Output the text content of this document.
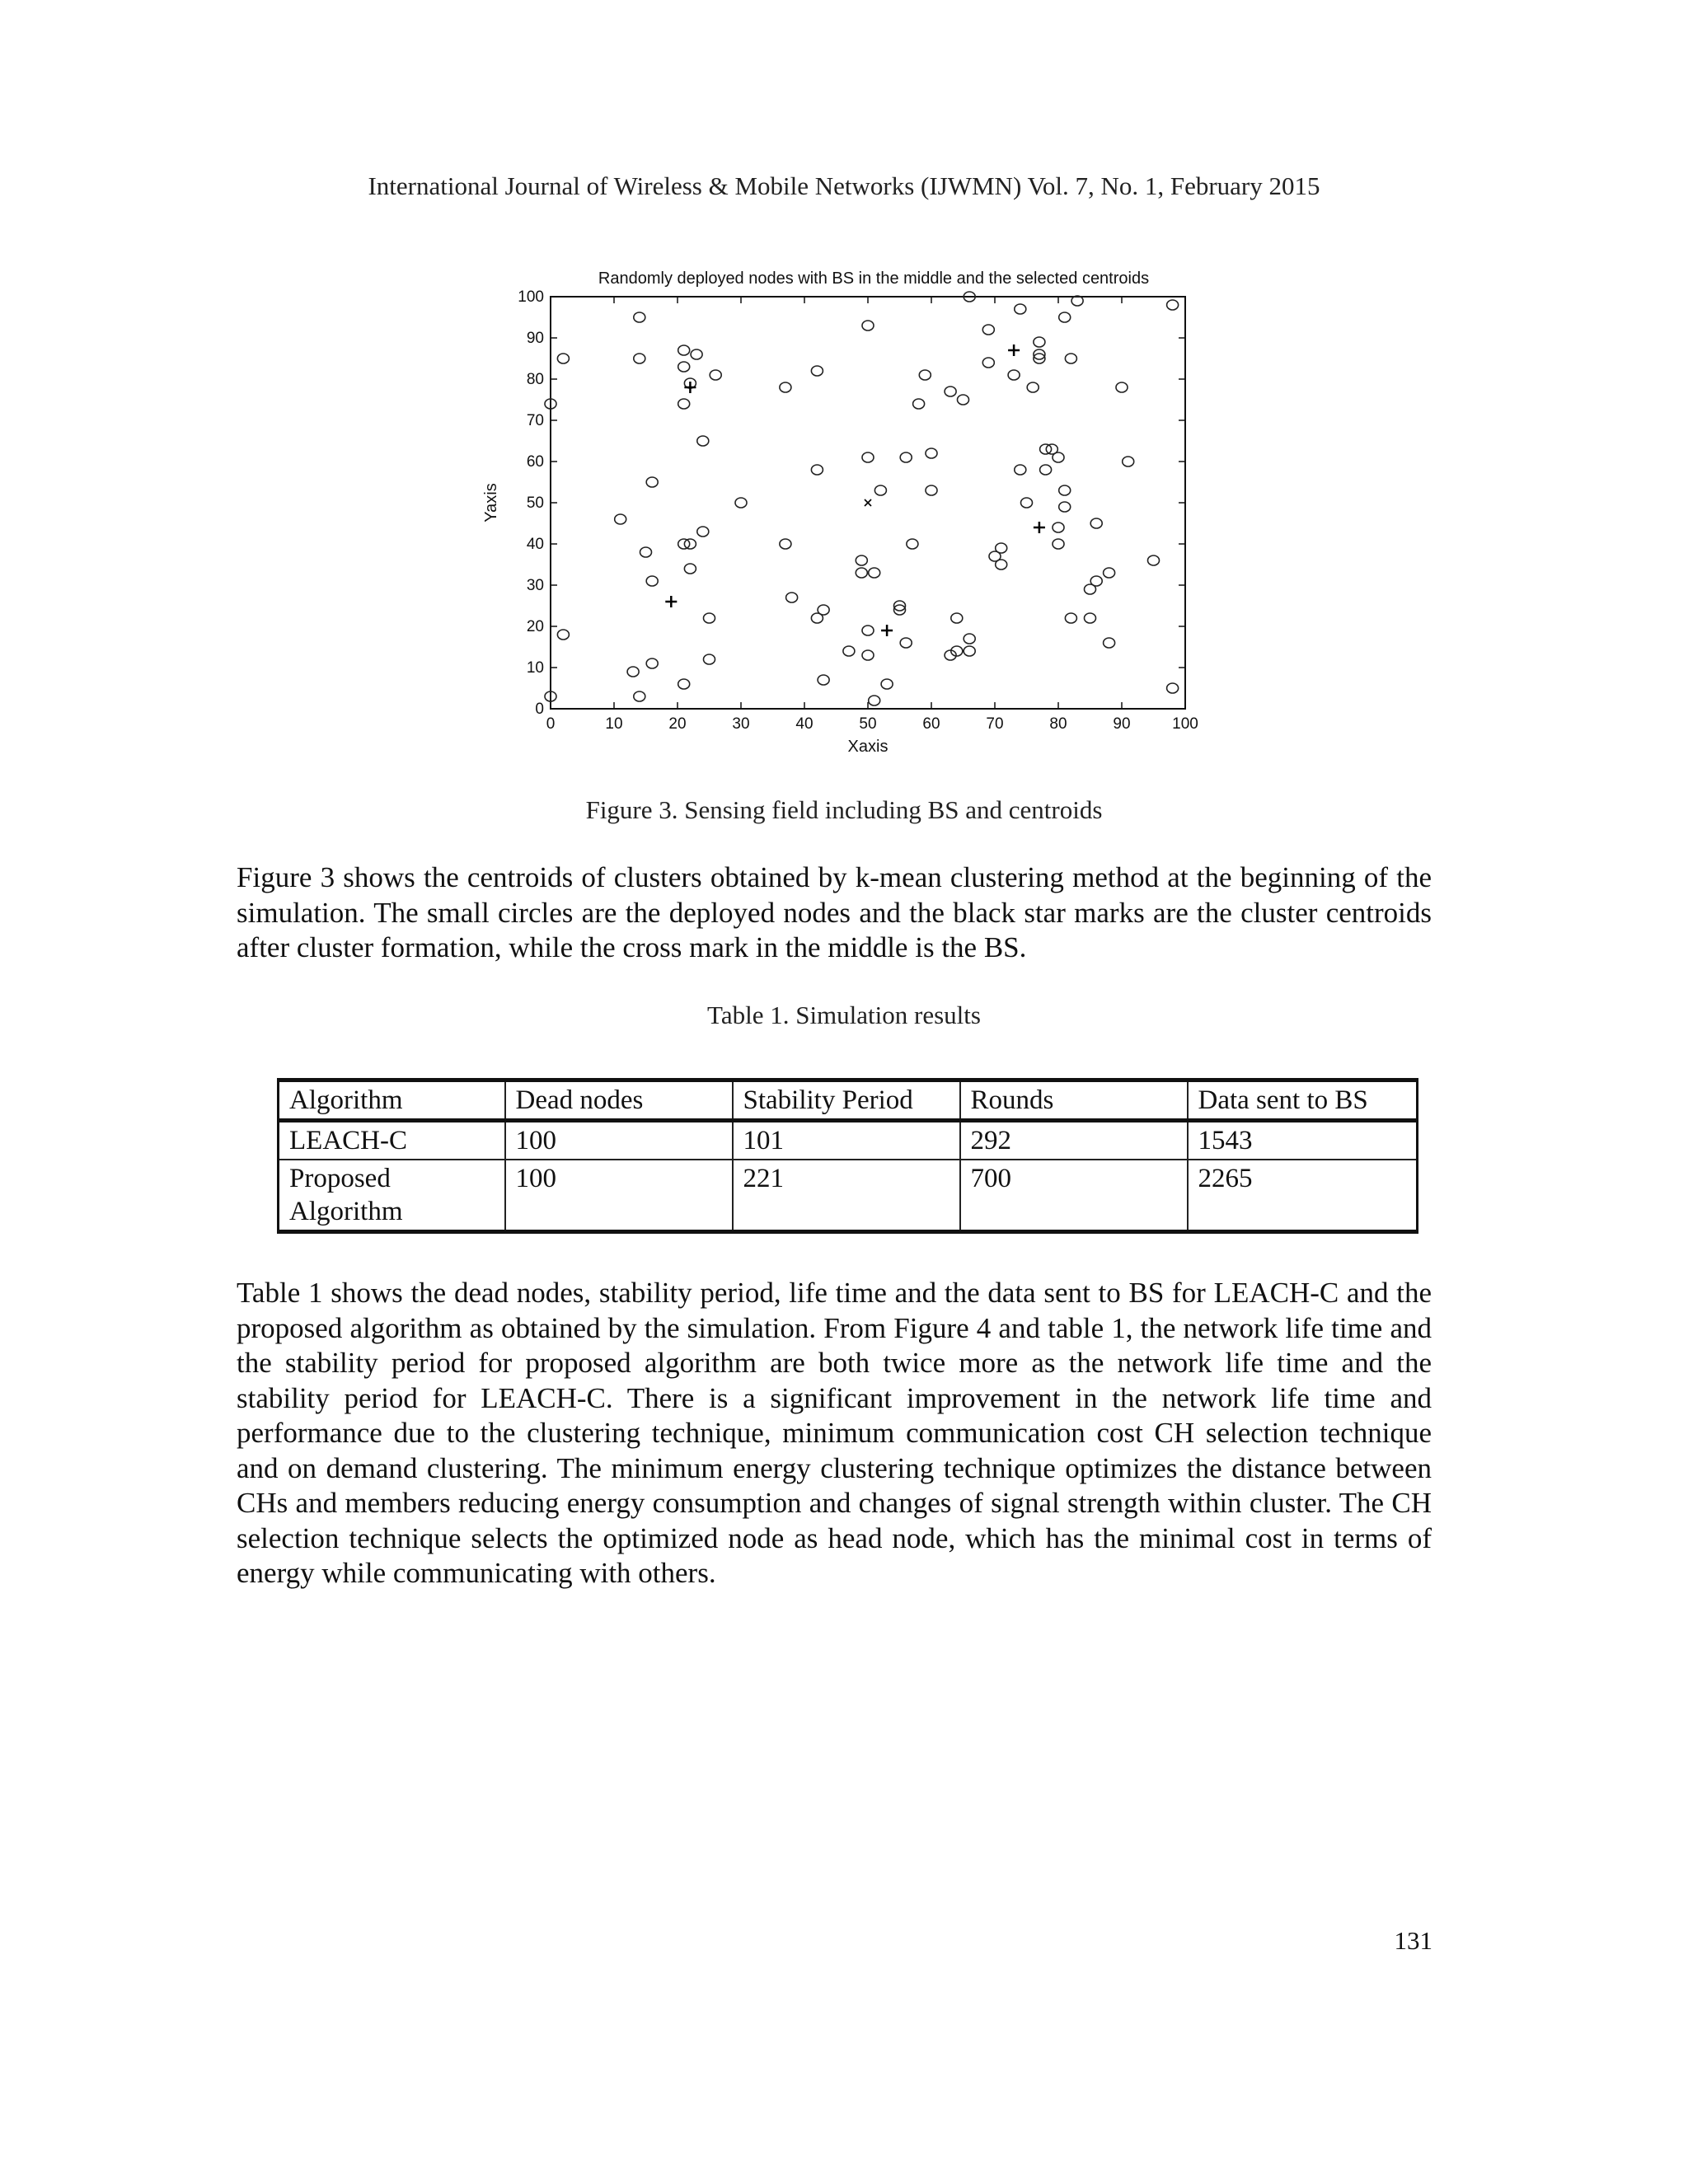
International Journal of Wireless & Mobile Networks (IJWMN) Vol. 7, No. 1, February 2015
Randomly deployed nodes with BS in the middle and the selected centroids
0	10	20	30	40	50	60	70	80	90	100
0
10
20
30
40
50
60
70
80
90
100
Xaxis
Yaxis
Figure 3. Sensing field including BS and centroids

Figure 3 shows the centroids of clusters obtained by k-mean clustering method at the beginning of the simulation. The small circles are the deployed nodes and the black star marks are the cluster centroids after cluster formation, while the cross mark in the middle is the BS.

Table 1. Simulation results
Algorithm	Dead nodes	Stability Period	Rounds	Data sent to BS
LEACH-C	100	101	292	1543
Proposed Algorithm	100	221	700	2265

Table 1 shows the dead nodes, stability period, life time and the data sent to BS for LEACH-C and the proposed algorithm as obtained by the simulation. From Figure 4 and table 1, the network life time and the stability period for proposed algorithm are both twice more as the network life time and the stability period for LEACH-C. There is a significant improvement in the network life time and performance due to the clustering technique, minimum communication cost CH selection technique and on demand clustering. The minimum energy clustering technique optimizes the distance between CHs and members reducing energy consumption and changes of signal strength within cluster. The CH selection technique selects the optimized node as head node, which has the minimal cost in terms of energy while communicating with others.

131
